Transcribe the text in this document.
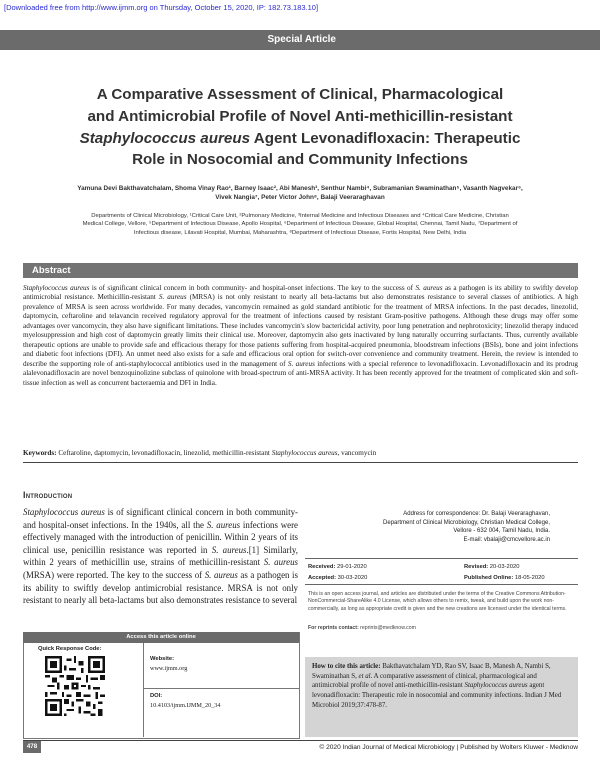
[Downloaded free from http://www.ijmm.org on Thursday, October 15, 2020, IP: 182.73.183.10]
Special Article
A Comparative Assessment of Clinical, Pharmacological
and Antimicrobial Profile of Novel Anti-methicillin-resistant
Staphylococcus aureus Agent Levonadifloxacin: Therapeutic
Role in Nosocomial and Community Infections
Yamuna Devi Bakthavatchalam, Shoma Vinay Rao¹, Barney Isaac², Abi Manesh³, Senthur Nambi⁴, Subramanian Swaminathan⁵, Vasanth Nagvekar⁶,
Vivek Nangia⁷, Peter Victor John⁸, Balaji Veeraraghavan
Departments of Clinical Microbiology, ¹Critical Care Unit, ²Pulmonary Medicine, ³Internal Medicine and Infectious Diseases and ⁴Critical Care Medicine, Christian
Medical College, Vellore, ⁵Department of Infectious Disease, Apollo Hospital, ⁶Department of Infectious Disease, Global Hospital, Chennai, Tamil Nadu, ⁷Department of
Infectious disease, Lilavati Hospital, Mumbai, Maharashtra, ⁸Department of Infectious Disease, Fortis Hospital, New Delhi, India
Abstract
Staphylococcus aureus is of significant clinical concern in both community- and hospital-onset infections. The key to the success of S. aureus as a pathogen is its ability to swiftly develop antimicrobial resistance. Methicillin-resistant S. aureus (MRSA) is not only resistant to nearly all beta-lactams but also demonstrates resistance to several classes of antibiotics. A high prevalence of MRSA is seen across worldwide. For many decades, vancomycin remained as gold standard antibiotic for the treatment of MRSA infections. In the past decades, linezolid, daptomycin, ceftaroline and telavancin received regulatory approval for the treatment of infections caused by resistant Gram-positive pathogens. Although these drugs may offer some advantages over vancomycin, they also have significant limitations. These includes vancomycin's slow bactericidal activity, poor lung penetration and nephrotoxicity; linezolid therapy induced myelosuppression and high cost of daptomycin greatly limits their clinical use. Moreover, daptomycin also gets inactivated by lung naturally occurring surfactants. Thus, currently available therapeutic options are unable to provide safe and efficacious therapy for those patients suffering from hospital-acquired pneumonia, bloodstream infections (BSIs), bone and joint infections and diabetic foot infections (DFI). An unmet need also exists for a safe and efficacious oral option for switch-over convenience and community treatment. Herein, the review is intended to describe the supporting role of anti-staphylococcal antibiotics used in the management of S. aureus infections with a special reference to levonadifloxacin. Levonadifloxacin and its prodrug alalevonadifloxacin are novel benzoquinolizine subclass of quinolone with broad-spectrum of anti-MRSA activity. It has been recently approved for the treatment of complicated skin and soft-tissue infection as well as concurrent bacteraemia and DFI in India.
Keywords: Ceftaroline, daptomycin, levonadifloxacin, linezolid, methicillin-resistant Staphylococcus aureus, vancomycin
Introduction
Staphylococcus aureus is of significant clinical concern in both community- and hospital-onset infections. In the 1940s, all the S. aureus infections were effectively managed with the introduction of penicillin. Within 2 years of its clinical use, penicillin resistance was reported in S. aureus.[1] Similarly, within 2 years of methicillin use, strains of methicillin-resistant S. aureus (MRSA) were reported. The key to the success of S. aureus as a pathogen is its ability to swiftly develop antimicrobial resistance. MRSA is not only resistant to nearly all beta-lactams but also demonstrates resistance to several
Access this article online
Quick Response Code:
Website:
www.ijmm.org
DOI:
10.4103/ijmm.IJMM_20_34
Address for correspondence: Dr. Balaji Veeraraghavan,
Department of Clinical Microbiology, Christian Medical College,
Vellore - 632 004, Tamil Nadu, India.
E-mail: vbalaji@cmcvellore.ac.in
Received: 29-01-2020	Revised: 20-03-2020
Accepted: 30-03-2020	Published Online: 18-05-2020
This is an open access journal, and articles are distributed under the terms of the Creative Commons Attribution-NonCommercial-ShareAlike 4.0 License, which allows others to remix, tweak, and build upon the work non-commercially, as long as appropriate credit is given and the new creations are licensed under the identical terms.
For reprints contact: reprints@medknow.com
How to cite this article: Bakthavatchalam YD, Rao SV, Isaac B, Manesh A, Nambi S, Swaminathan S, et al. A comparative assessment of clinical, pharmacological and antimicrobial profile of novel anti-methicillin-resistant Staphylococcus aureus agent levonadifloxacin: Therapeutic role in nosocomial and community infections. Indian J Med Microbiol 2019;37:478-87.
478	© 2020 Indian Journal of Medical Microbiology | Published by Wolters Kluwer - Medknow
